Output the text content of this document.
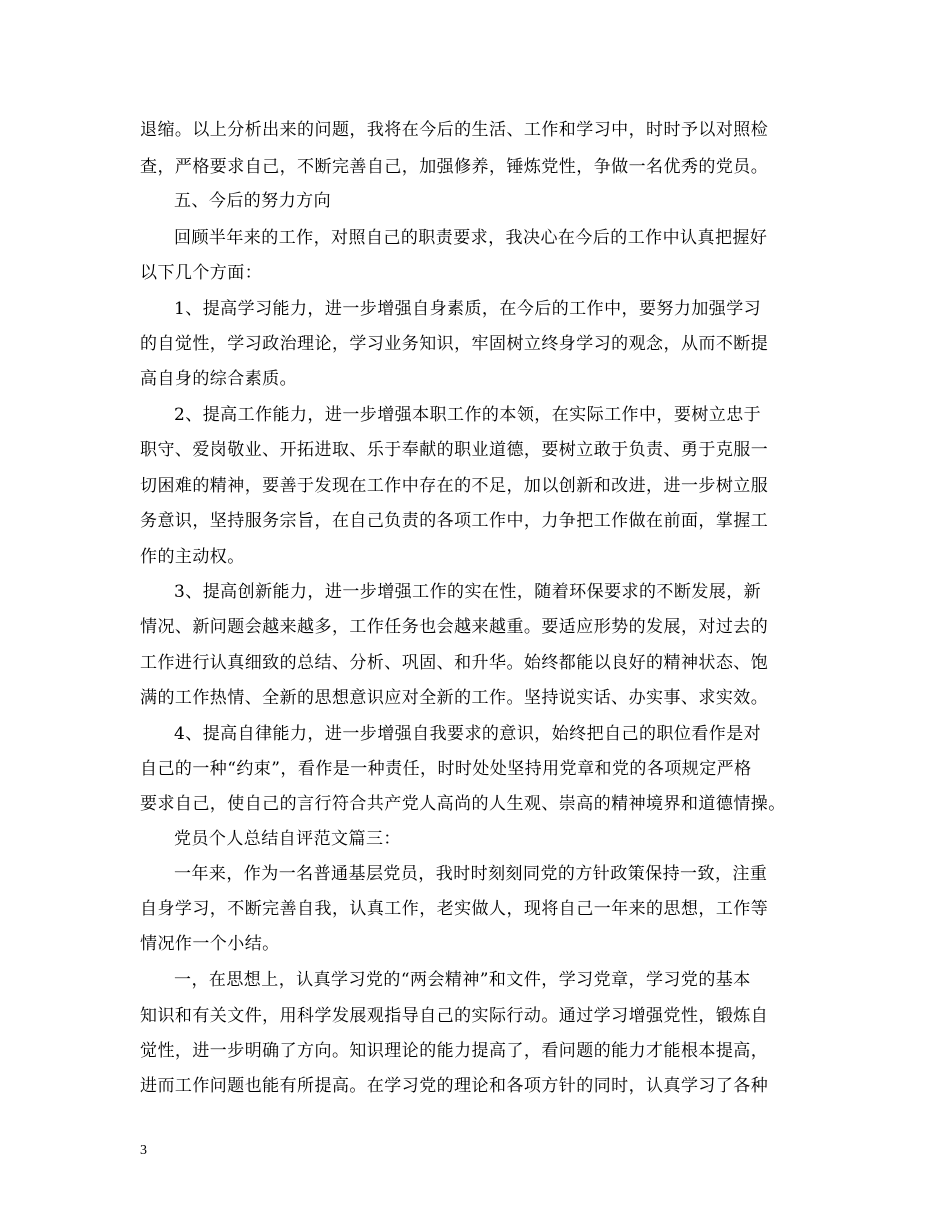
退缩。以上分析出来的问题，我将在今后的生活、工作和学习中，时时予以对照检
查，严格要求自己，不断完善自己，加强修养，锤炼党性，争做一名优秀的党员。
五、今后的努力方向
回顾半年来的工作，对照自己的职责要求，我决心在今后的工作中认真把握好
以下几个方面：
1、提高学习能力，进一步增强自身素质，在今后的工作中，要努力加强学习
的自觉性，学习政治理论，学习业务知识，牢固树立终身学习的观念，从而不断提
高自身的综合素质。
2、提高工作能力，进一步增强本职工作的本领，在实际工作中，要树立忠于
职守、爱岗敬业、开拓进取、乐于奉献的职业道德，要树立敢于负责、勇于克服一
切困难的精神，要善于发现在工作中存在的不足，加以创新和改进，进一步树立服
务意识，坚持服务宗旨，在自己负责的各项工作中，力争把工作做在前面，掌握工
作的主动权。
3、提高创新能力，进一步增强工作的实在性，随着环保要求的不断发展，新
情况、新问题会越来越多，工作任务也会越来越重。要适应形势的发展，对过去的
工作进行认真细致的总结、分析、巩固、和升华。始终都能以良好的精神状态、饱
满的工作热情、全新的思想意识应对全新的工作。坚持说实话、办实事、求实效。
4、提高自律能力，进一步增强自我要求的意识，始终把自己的职位看作是对
自己的一种“约束”，看作是一种责任，时时处处坚持用党章和党的各项规定严格
要求自己，使自己的言行符合共产党人高尚的人生观、崇高的精神境界和道德情操。
党员个人总结自评范文篇三：
一年来，作为一名普通基层党员，我时时刻刻同党的方针政策保持一致，注重
自身学习，不断完善自我，认真工作，老实做人，现将自己一年来的思想，工作等
情况作一个小结。
一，在思想上，认真学习党的“两会精神”和文件，学习党章，学习党的基本
知识和有关文件，用科学发展观指导自己的实际行动。通过学习增强党性，锻炼自
觉性，进一步明确了方向。知识理论的能力提高了，看问题的能力才能根本提高，
进而工作问题也能有所提高。在学习党的理论和各项方针的同时，认真学习了各种
3
